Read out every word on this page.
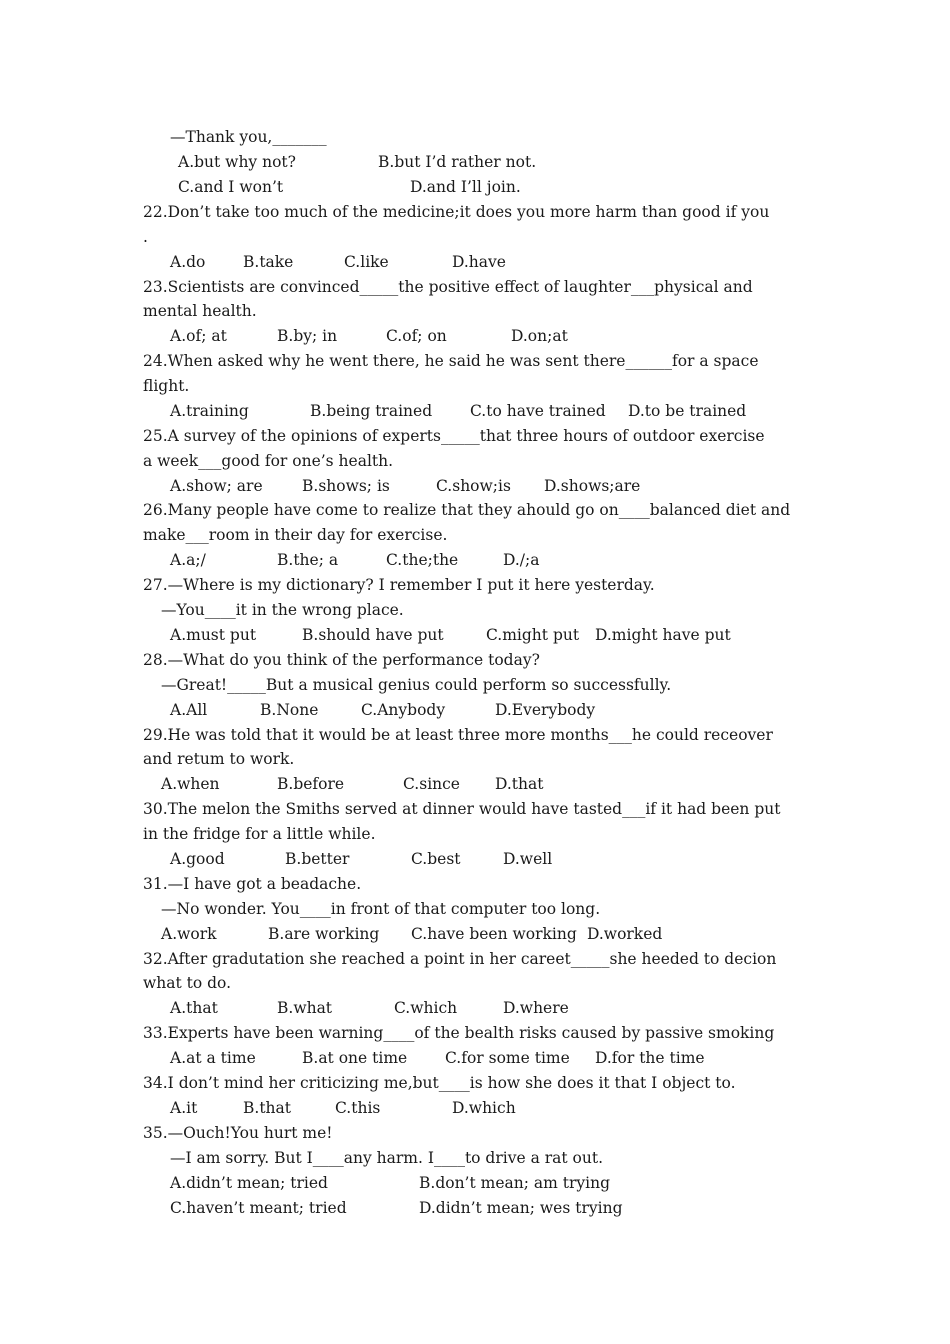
—Thank you,_______
A.but why not?	B.but I’d rather not.
C.and I won’t	D.and I’ll join.
22.Don’t take too much of the medicine;it does you more harm than good if you
.
A.do B.take	C.like	D.have
23.Scientists are convinced_____the positive effect of laughter___physical and
mental health.
A.of; at	B.by; in	C.of; on	D.on;at
24.When asked why he went there, he said he was sent there______for a space
flight.
A.training	B.being trained C.to have trained D.to be trained
25.A survey of the opinions of experts_____that three hours of outdoor exercise
a week___good for one’s health.
A.show; are	B.shows; is	C.show;is D.shows;are
26.Many people have come to realize that they ahould go on____balanced diet and
make___room in their day for exercise.
A.a;/	B.the; a	C.the;the	D./;a
27.—Where is my dictionary? I remember I put it here yesterday.
—You____it in the wrong place.
A.must put	B.should have put	C.might put D.might have put
28.—What do you think of the performance today?
—Great!_____But a musical genius could perform so successfully.
A.All	B.None	C.Anybody	D.Everybody
29.He was told that it would be at least three more months___he could receover
and retum to work.
A.when	B.before	C.since D.that
30.The melon the Smiths served at dinner would have tasted___if it had been put
in the fridge for a little while.
A.good	B.better	C.best	D.well
31.—I have got a beadache.
—No wonder. You____in front of that computer too long.
A.work	B.are working C.have been working D.worked
32.After gradutation she reached a point in her careet_____she heeded to decion
what to do.
A.that	B.what	C.which	D.where
33.Experts have been warning____of the bealth risks caused by passive smoking
A.at a time	B.at one time C.for some time D.for the time
34.I don’t mind her criticizing me,but____is how she does it that I object to.
A.it	B.that	C.this	D.which
35.—Ouch!You hurt me!
—I am sorry. But I____any harm. I____to drive a rat out.
A.didn’t mean; tried	B.don’t mean; am trying
C.haven’t meant; tried	D.didn’t mean; wes trying
